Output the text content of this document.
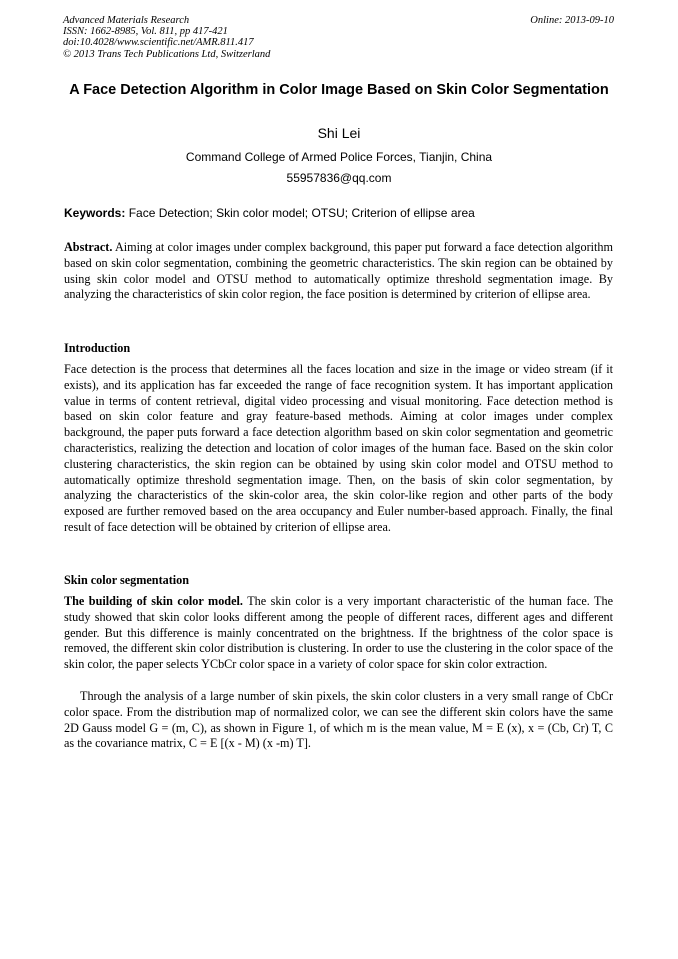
Advanced Materials Research
ISSN: 1662-8985, Vol. 811, pp 417-421
doi:10.4028/www.scientific.net/AMR.811.417
© 2013 Trans Tech Publications Ltd, Switzerland
Online: 2013-09-10
A Face Detection Algorithm in Color Image Based on Skin Color Segmentation
Shi Lei
Command College of Armed Police Forces, Tianjin, China
55957836@qq.com
Keywords: Face Detection; Skin color model; OTSU; Criterion of ellipse area
Abstract. Aiming at color images under complex background, this paper put forward a face detection algorithm based on skin color segmentation, combining the geometric characteristics. The skin region can be obtained by using skin color model and OTSU method to automatically optimize threshold segmentation image. By analyzing the characteristics of skin color region, the face position is determined by criterion of ellipse area.
Introduction
Face detection is the process that determines all the faces location and size in the image or video stream (if it exists), and its application has far exceeded the range of face recognition system. It has important application value in terms of content retrieval, digital video processing and visual monitoring. Face detection method is based on skin color feature and gray feature-based methods. Aiming at color images under complex background, the paper puts forward a face detection algorithm based on skin color segmentation and geometric characteristics, realizing the detection and location of color images of the human face. Based on the skin color clustering characteristics, the skin region can be obtained by using skin color model and OTSU method to automatically optimize threshold segmentation image. Then, on the basis of skin color segmentation, by analyzing the characteristics of the skin-color area, the skin color-like region and other parts of the body exposed are further removed based on the area occupancy and Euler number-based approach. Finally, the final result of face detection will be obtained by criterion of ellipse area.
Skin color segmentation
The building of skin color model. The skin color is a very important characteristic of the human face. The study showed that skin color looks different among the people of different races, different ages and different gender. But this difference is mainly concentrated on the brightness. If the brightness of the color space is removed, the different skin color distribution is clustering. In order to use the clustering in the color space of the skin color, the paper selects YCbCr color space in a variety of color space for skin color extraction.
Through the analysis of a large number of skin pixels, the skin color clusters in a very small range of CbCr color space. From the distribution map of normalized color, we can see the different skin colors have the same 2D Gauss model G = (m, C), as shown in Figure 1, of which m is the mean value, M = E (x), x = (Cb, Cr) T, C as the covariance matrix, C = E [(x - M) (x -m) T].
